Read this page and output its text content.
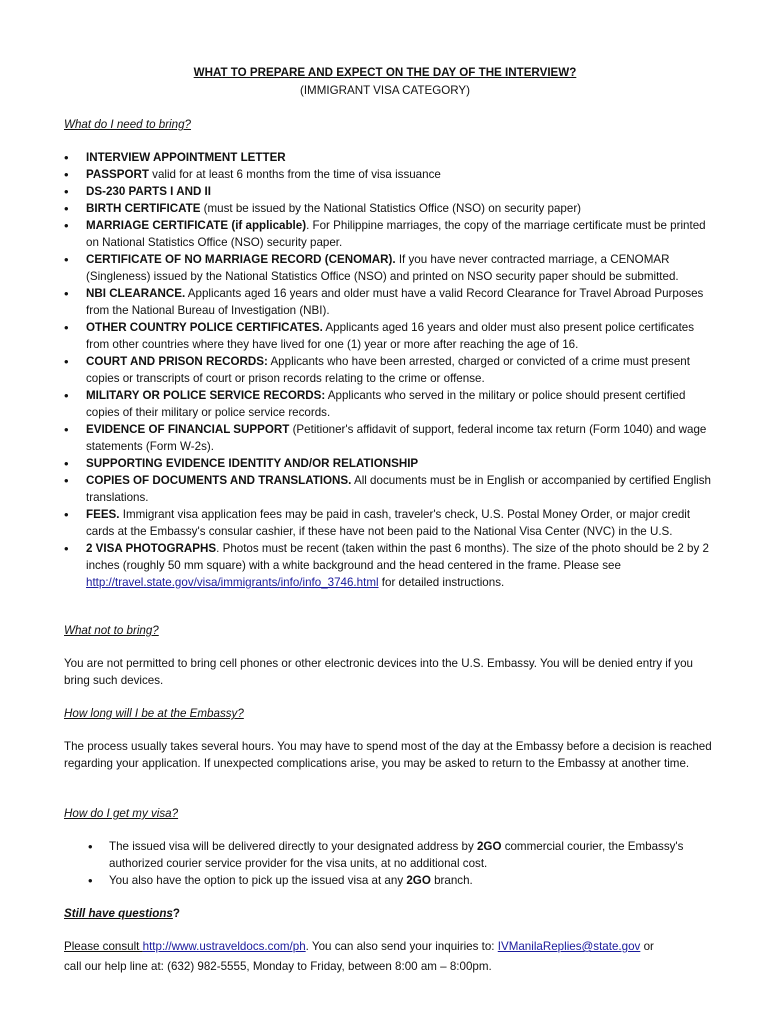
WHAT TO PREPARE AND EXPECT ON THE DAY OF THE INTERVIEW?
(IMMIGRANT VISA CATEGORY)
What do I need to bring?
• INTERVIEW APPOINTMENT LETTER
• PASSPORT valid for at least 6 months from the time of visa issuance
• DS-230 PARTS I AND II
• BIRTH CERTIFICATE (must be issued by the National Statistics Office (NSO) on security paper)
• MARRIAGE CERTIFICATE (if applicable). For Philippine marriages, the copy of the marriage certificate must be printed on National Statistics Office (NSO) security paper.
• CERTIFICATE OF NO MARRIAGE RECORD (CENOMAR). If you have never contracted marriage, a CENOMAR (Singleness) issued by the National Statistics Office (NSO) and printed on NSO security paper should be submitted.
• NBI CLEARANCE. Applicants aged 16 years and older must have a valid Record Clearance for Travel Abroad Purposes from the National Bureau of Investigation (NBI).
• OTHER COUNTRY POLICE CERTIFICATES. Applicants aged 16 years and older must also present police certificates from other countries where they have lived for one (1) year or more after reaching the age of 16.
• COURT AND PRISON RECORDS: Applicants who have been arrested, charged or convicted of a crime must present copies or transcripts of court or prison records relating to the crime or offense.
• MILITARY OR POLICE SERVICE RECORDS: Applicants who served in the military or police should present certified copies of their military or police service records.
• EVIDENCE OF FINANCIAL SUPPORT (Petitioner's affidavit of support, federal income tax return (Form 1040) and wage statements (Form W-2s).
• SUPPORTING EVIDENCE IDENTITY AND/OR RELATIONSHIP
• COPIES OF DOCUMENTS AND TRANSLATIONS. All documents must be in English or accompanied by certified English translations.
• FEES. Immigrant visa application fees may be paid in cash, traveler's check, U.S. Postal Money Order, or major credit cards at the Embassy's consular cashier, if these have not been paid to the National Visa Center (NVC) in the U.S.
• 2 VISA PHOTOGRAPHS. Photos must be recent (taken within the past 6 months). The size of the photo should be 2 by 2 inches (roughly 50 mm square) with a white background and the head centered in the frame. Please see http://travel.state.gov/visa/immigrants/info/info_3746.html for detailed instructions.
What not to bring?
You are not permitted to bring cell phones or other electronic devices into the U.S. Embassy. You will be denied entry if you bring such devices.
How long will I be at the Embassy?
The process usually takes several hours. You may have to spend most of the day at the Embassy before a decision is reached regarding your application. If unexpected complications arise, you may be asked to return to the Embassy at another time.
How do I get my visa?
• The issued visa will be delivered directly to your designated address by 2GO commercial courier, the Embassy's authorized courier service provider for the visa units, at no additional cost.
• You also have the option to pick up the issued visa at any 2GO branch.
Still have questions?
Please consult http://www.ustraveldocs.com/ph. You can also send your inquiries to: IVManilaReplies@state.gov or
call our help line at: (632) 982-5555, Monday to Friday, between 8:00 am – 8:00pm.
